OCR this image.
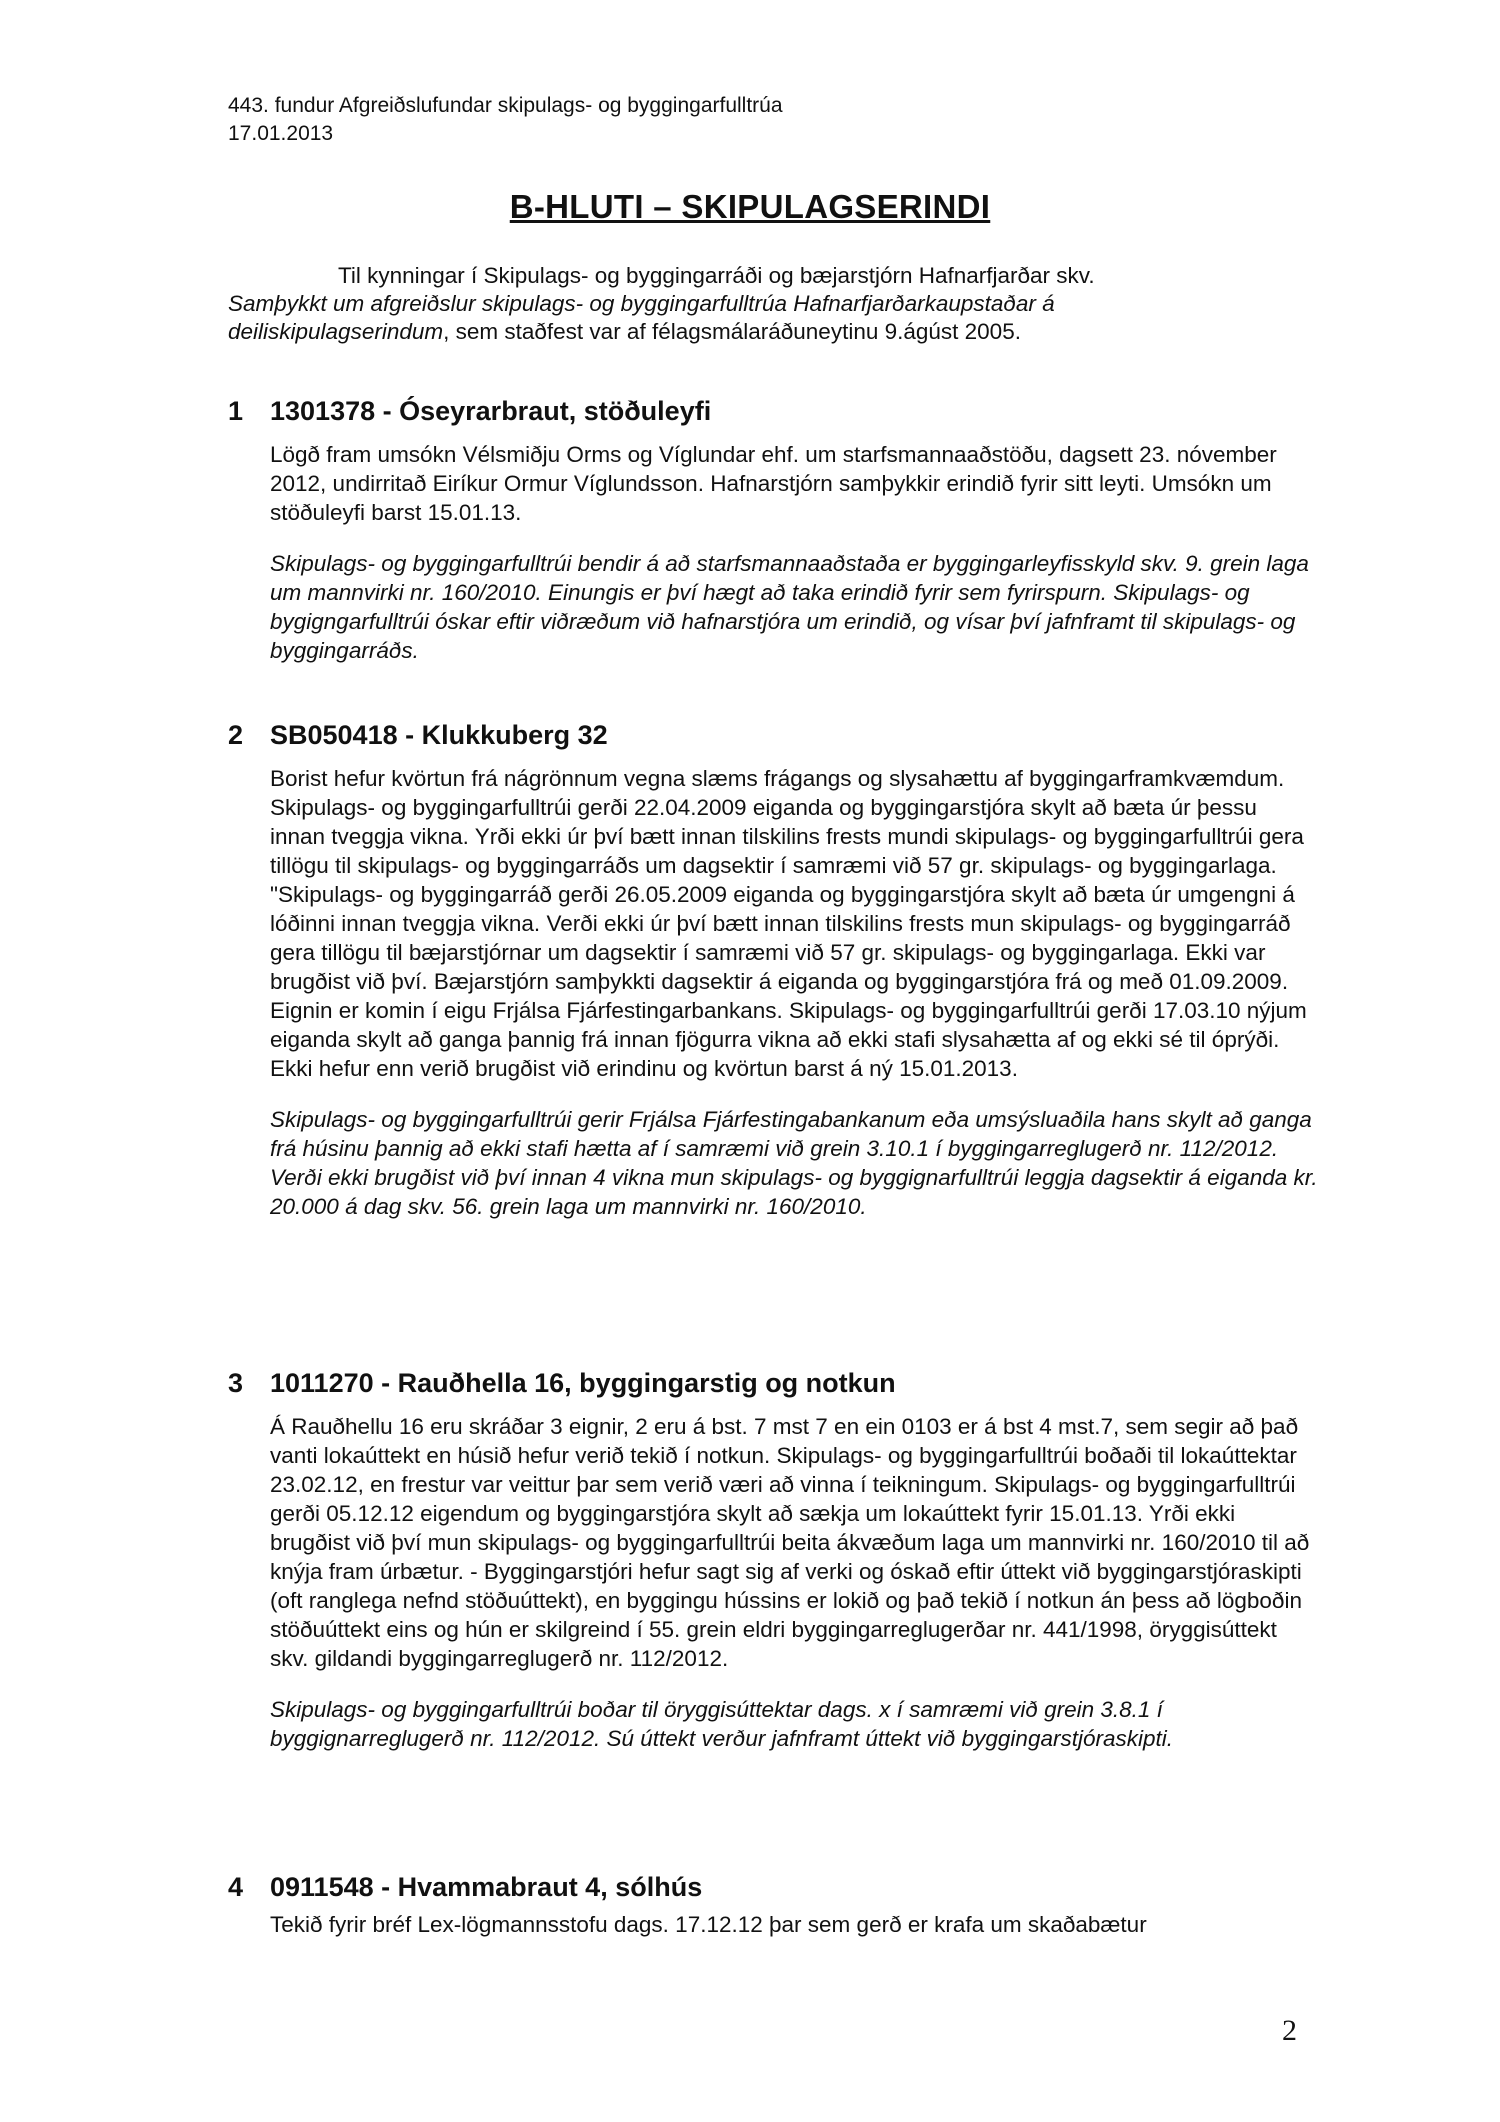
443. fundur Afgreiðslufundar skipulags- og byggingarfulltrúa
17.01.2013
B-HLUTI – SKIPULAGSERINDI
Til kynningar í Skipulags- og byggingarráði og bæjarstjórn Hafnarfjarðar skv.
Samþykkt um afgreiðslur skipulags- og byggingarfulltrúa Hafnarfjarðarkaupstaðar á deiliskipulagserindum, sem staðfest var af félagsmálaráðuneytinu 9.ágúst 2005.
1 1301378 - Óseyrarbraut, stöðuleyfi

Lögð fram umsókn Vélsmiðju Orms og Víglundar ehf. um starfsmannaaðstöðu, dagsett 23. nóvember 2012, undirritað Eiríkur Ormur Víglundsson. Hafnarstjórn samþykkir erindið fyrir sitt leyti. Umsókn um stöðuleyfi barst 15.01.13.

Skipulags- og byggingarfulltrúi bendir á að starfsmannaaðstaða er byggingarleyfisskyld skv. 9. grein laga um mannvirki nr. 160/2010. Einungis er því hægt að taka erindið fyrir sem fyrirspurn. Skipulags- og bygigngarfulltrúi óskar eftir viðræðum við hafnarstjóra um erindið, og vísar því jafnframt til skipulags- og byggingarráðs.

2 SB050418 - Klukkuberg 32

Borist hefur kvörtun frá nágrönnum vegna slæms frágangs og slysahættu af byggingarframkvæmdum. Skipulags- og byggingarfulltrúi gerði 22.04.2009 eiganda og byggingarstjóra skylt að bæta úr þessu innan tveggja vikna. Yrði ekki úr því bætt innan tilskilins frests mundi skipulags- og byggingarfulltrúi gera tillögu til skipulags- og byggingarráðs um dagsektir í samræmi við 57 gr. skipulags- og byggingarlaga. "Skipulags- og byggingarráð gerði 26.05.2009 eiganda og byggingarstjóra skylt að bæta úr umgengni á lóðinni innan tveggja vikna. Verði ekki úr því bætt innan tilskilins frests mun skipulags- og byggingarráð gera tillögu til bæjarstjórnar um dagsektir í samræmi við 57 gr. skipulags- og byggingarlaga. Ekki var brugðist við því. Bæjarstjórn samþykkti dagsektir á eiganda og byggingarstjóra frá og með 01.09.2009. Eignin er komin í eigu Frjálsa Fjárfestingarbankans. Skipulags- og byggingarfulltrúi gerði 17.03.10 nýjum eiganda skylt að ganga þannig frá innan fjögurra vikna að ekki stafi slysahætta af og ekki sé til óprýði. Ekki hefur enn verið brugðist við erindinu og kvörtun barst á ný 15.01.2013.

Skipulags- og byggingarfulltrúi gerir Frjálsa Fjárfestingabankanum eða umsýsluaðila hans skylt að ganga frá húsinu þannig að ekki stafi hætta af í samræmi við grein 3.10.1 í byggingarreglugerð nr. 112/2012. Verði ekki brugðist við því innan 4 vikna mun skipulags- og byggignarfulltrúi leggja dagsektir á eiganda kr. 20.000 á dag skv. 56. grein laga um mannvirki nr. 160/2010.

3 1011270 - Rauðhella 16, byggingarstig og notkun

Á Rauðhellu 16 eru skráðar 3 eignir, 2 eru á bst. 7 mst 7 en ein 0103 er á bst 4 mst.7, sem segir að það vanti lokaúttekt en húsið hefur verið tekið í notkun. Skipulags- og byggingarfulltrúi boðaði til lokaúttektar 23.02.12, en frestur var veittur þar sem verið væri að vinna í teikningum. Skipulags- og byggingarfulltrúi gerði 05.12.12 eigendum og byggingarstjóra skylt að sækja um lokaúttekt fyrir 15.01.13. Yrði ekki brugðist við því mun skipulags- og byggingarfulltrúi beita ákvæðum laga um mannvirki nr. 160/2010 til að knýja fram úrbætur. - Byggingarstjóri hefur sagt sig af verki og óskað eftir úttekt við byggingarstjóraskipti (oft ranglega nefnd stöðuúttekt), en byggingu hússins er lokið og það tekið í notkun án þess að lögboðin stöðuúttekt eins og hún er skilgreind í 55. grein eldri byggingarreglugerðar nr. 441/1998, öryggisúttekt skv. gildandi byggingarreglugerð nr. 112/2012.

Skipulags- og byggingarfulltrúi boðar til öryggisúttektar dags. x í samræmi við grein 3.8.1 í byggignarreglugerð nr. 112/2012. Sú úttekt verður jafnframt úttekt við byggingarstjóraskipti.

4 0911548 - Hvammabraut 4, sólhús

Tekið fyrir bréf Lex-lögmannsstofu dags. 17.12.12 þar sem gerð er krafa um skaðabætur

2
